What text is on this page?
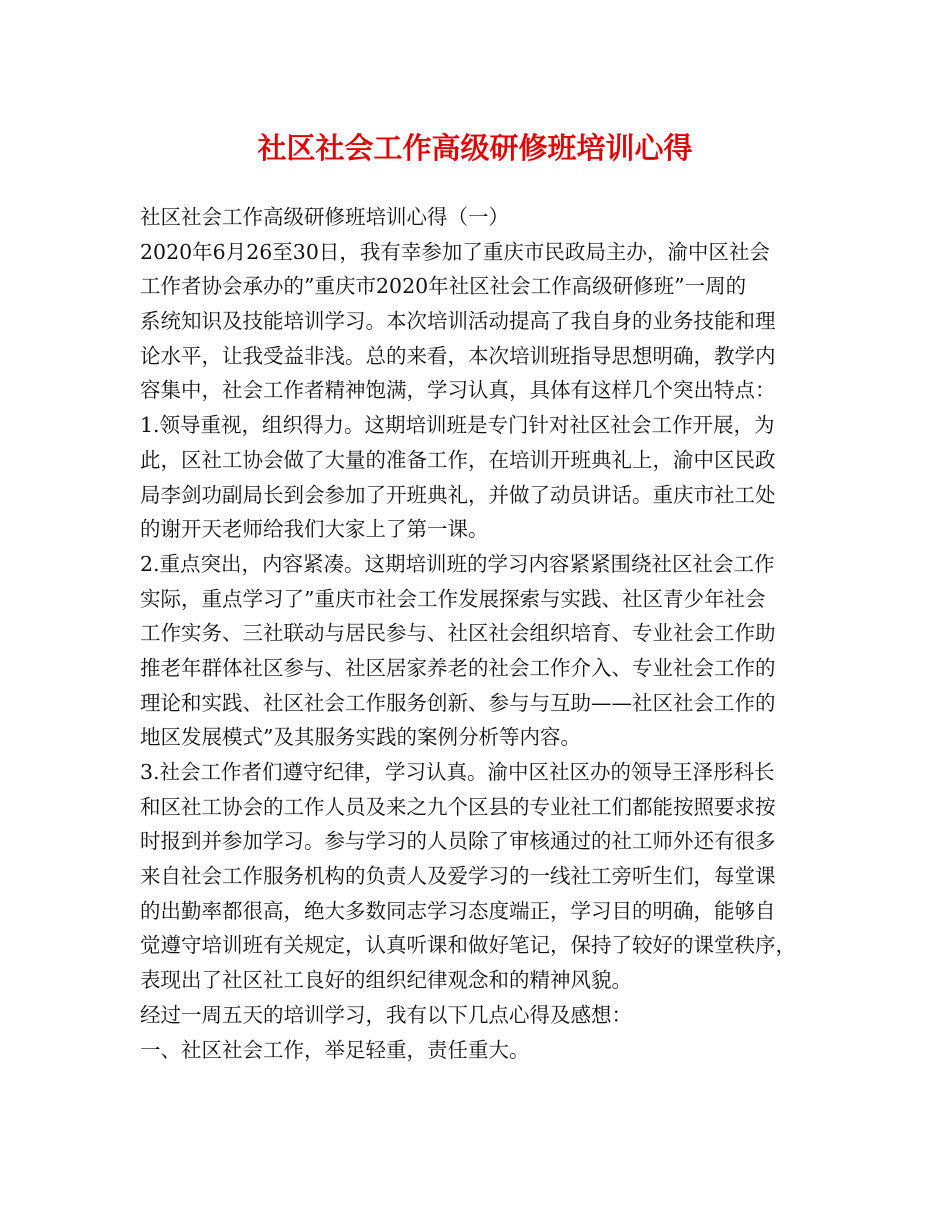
社区社会工作高级研修班培训心得
社区社会工作高级研修班培训心得（一）
2020年6月26至30日，我有幸参加了重庆市民政局主办，渝中区社会
工作者协会承办的”重庆市2020年社区社会工作高级研修班”一周的
系统知识及技能培训学习。本次培训活动提高了我自身的业务技能和理
论水平，让我受益非浅。总的来看，本次培训班指导思想明确，教学内
容集中，社会工作者精神饱满，学习认真，具体有这样几个突出特点：
1.领导重视，组织得力。这期培训班是专门针对社区社会工作开展，为
此，区社工协会做了大量的准备工作，在培训开班典礼上，渝中区民政
局李剑功副局长到会参加了开班典礼，并做了动员讲话。重庆市社工处
的谢开天老师给我们大家上了第一课。
2.重点突出，内容紧凑。这期培训班的学习内容紧紧围绕社区社会工作
实际，重点学习了”重庆市社会工作发展探索与实践、社区青少年社会
工作实务、三社联动与居民参与、社区社会组织培育、专业社会工作助
推老年群体社区参与、社区居家养老的社会工作介入、专业社会工作的
理论和实践、社区社会工作服务创新、参与与互助——社区社会工作的
地区发展模式”及其服务实践的案例分析等内容。
3.社会工作者们遵守纪律，学习认真。渝中区社区办的领导王泽彤科长
和区社工协会的工作人员及来之九个区县的专业社工们都能按照要求按
时报到并参加学习。参与学习的人员除了审核通过的社工师外还有很多
来自社会工作服务机构的负责人及爱学习的一线社工旁听生们，每堂课
的出勤率都很高，绝大多数同志学习态度端正，学习目的明确，能够自
觉遵守培训班有关规定，认真听课和做好笔记，保持了较好的课堂秩序，
表现出了社区社工良好的组织纪律观念和的精神风貌。
经过一周五天的培训学习，我有以下几点心得及感想：
一、社区社会工作，举足轻重，责任重大。
